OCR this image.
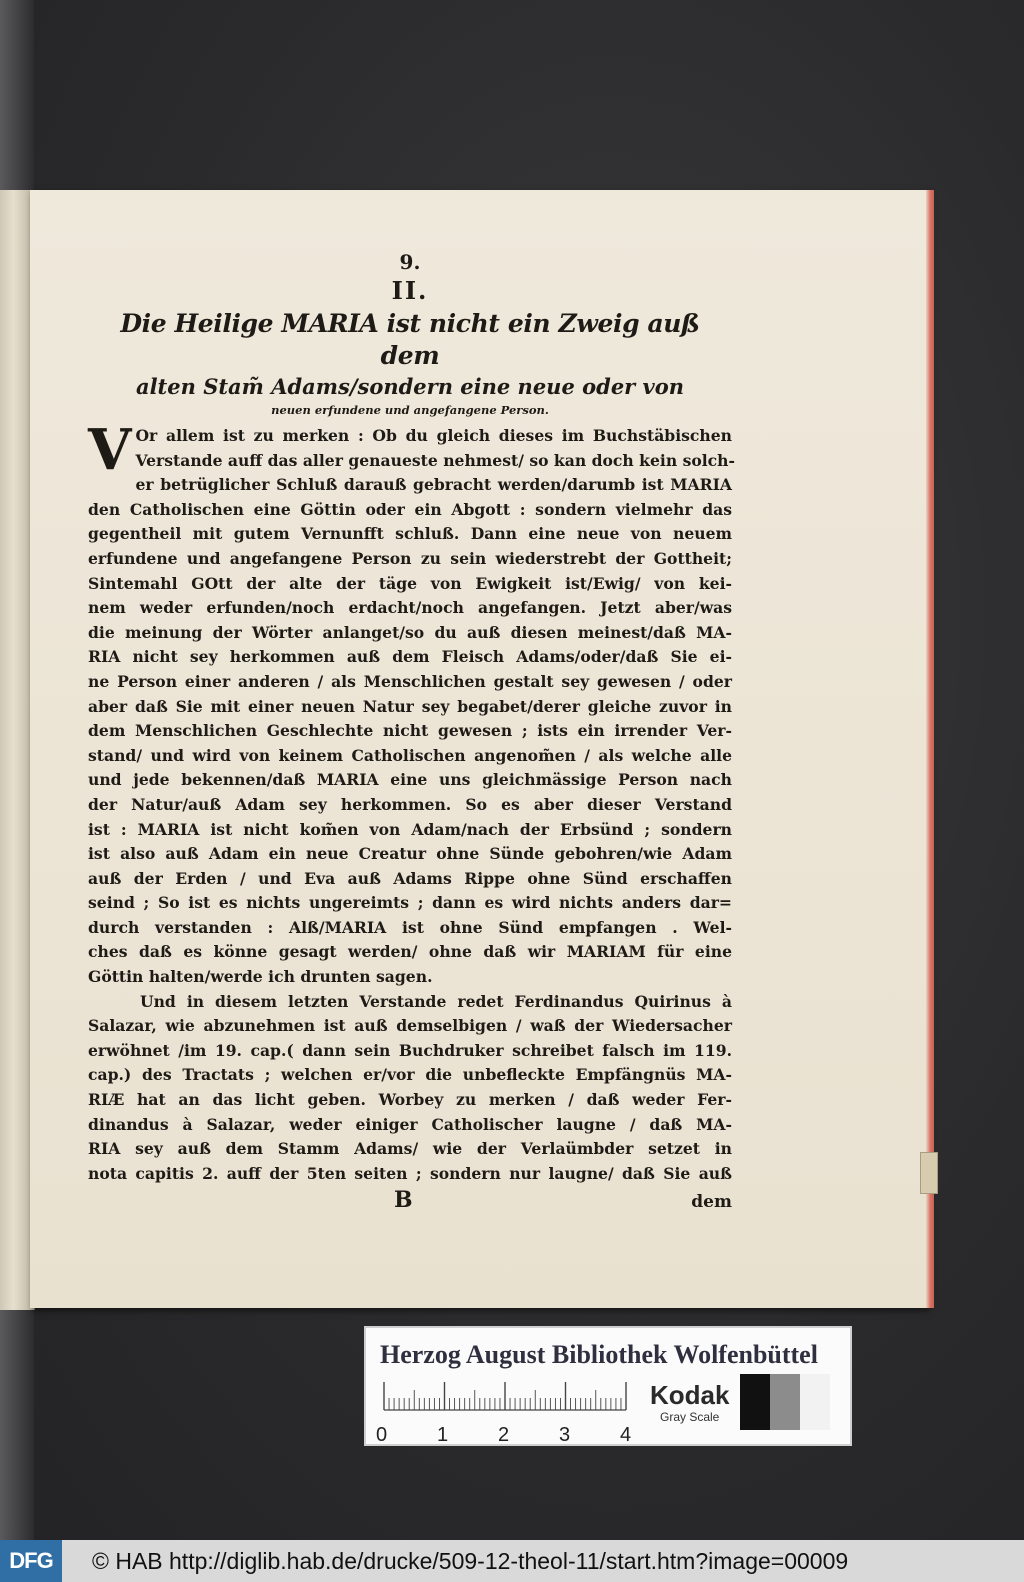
9.

II.

Die Heilige MARIA ist nicht ein Zweig auß dem

alten Stam̃ Adams/sondern eine neue oder von

neuen erfundene und angefangene Person.

V Or allem ist zu merken : Ob du gleich dieses im Buchstäbischen
Verstande auff das aller genaueste nehmest/ so kan doch kein solch-
er betrüglicher Schluß darauß gebracht werden/darumb ist MARIA
den Catholischen eine Göttin oder ein Abgott : sondern vielmehr das
gegentheil mit gutem Vernunfft schluß. Dann eine neue von neuem
erfundene und angefangene Person zu sein wiederstrebt der Gottheit;
Sintemahl GOtt der alte der täge von Ewigkeit ist/Ewig/ von kei-
nem weder erfunden/noch erdacht/noch angefangen. Jetzt aber/was
die meinung der Wörter anlanget/so du auß diesen meinest/daß MA-
RIA nicht sey herkommen auß dem Fleisch Adams/oder/daß Sie ei-
ne Person einer anderen / als Menschlichen gestalt sey gewesen / oder
aber daß Sie mit einer neuen Natur sey begabet/derer gleiche zuvor in
dem Menschlichen Geschlechte nicht gewesen ; ists ein irrender Ver-
stand/ und wird von keinem Catholischen angenom̃en / als welche alle
und jede bekennen/daß MARIA eine uns gleichmässige Person nach
der Natur/auß Adam sey herkommen. So es aber dieser Verstand
ist : MARIA ist nicht kom̃en von Adam/nach der Erbsünd ; sondern
ist also auß Adam ein neue Creatur ohne Sünde gebohren/wie Adam
auß der Erden / und Eva auß Adams Rippe ohne Sünd erschaffen
seind ; So ist es nichts ungereimts ; dann es wird nichts anders dar=
durch verstanden : Alß/MARIA ist ohne Sünd empfangen . Wel-
ches daß es könne gesagt werden/ ohne daß wir MARIAM für eine
Göttin halten/werde ich drunten sagen.
Und in diesem letzten Verstande redet Ferdinandus Quirinus à
Salazar, wie abzunehmen ist auß demselbigen / waß der Wiedersacher
erwöhnet /im 19. cap.( dann sein Buchdruker schreibet falsch im 119.
cap.) des Tractats ; welchen er/vor die unbefleckte Empfängnüs MA-
RIÆ hat an das licht geben. Worbey zu merken / daß weder Fer-
dinandus à Salazar, weder einiger Catholischer laugne / daß MA-
RIA sey auß dem Stamm Adams/ wie der Verlaümbder setzet in
nota capitis 2. auff der 5ten seiten ; sondern nur laugne/ daß Sie auß
B	dem
Herzog August Bibliothek Wolfenbüttel
0 1 2 3 4
Kodak
Gray Scale
DFG	© HAB http://diglib.hab.de/drucke/509-12-theol-11/start.htm?image=00009
